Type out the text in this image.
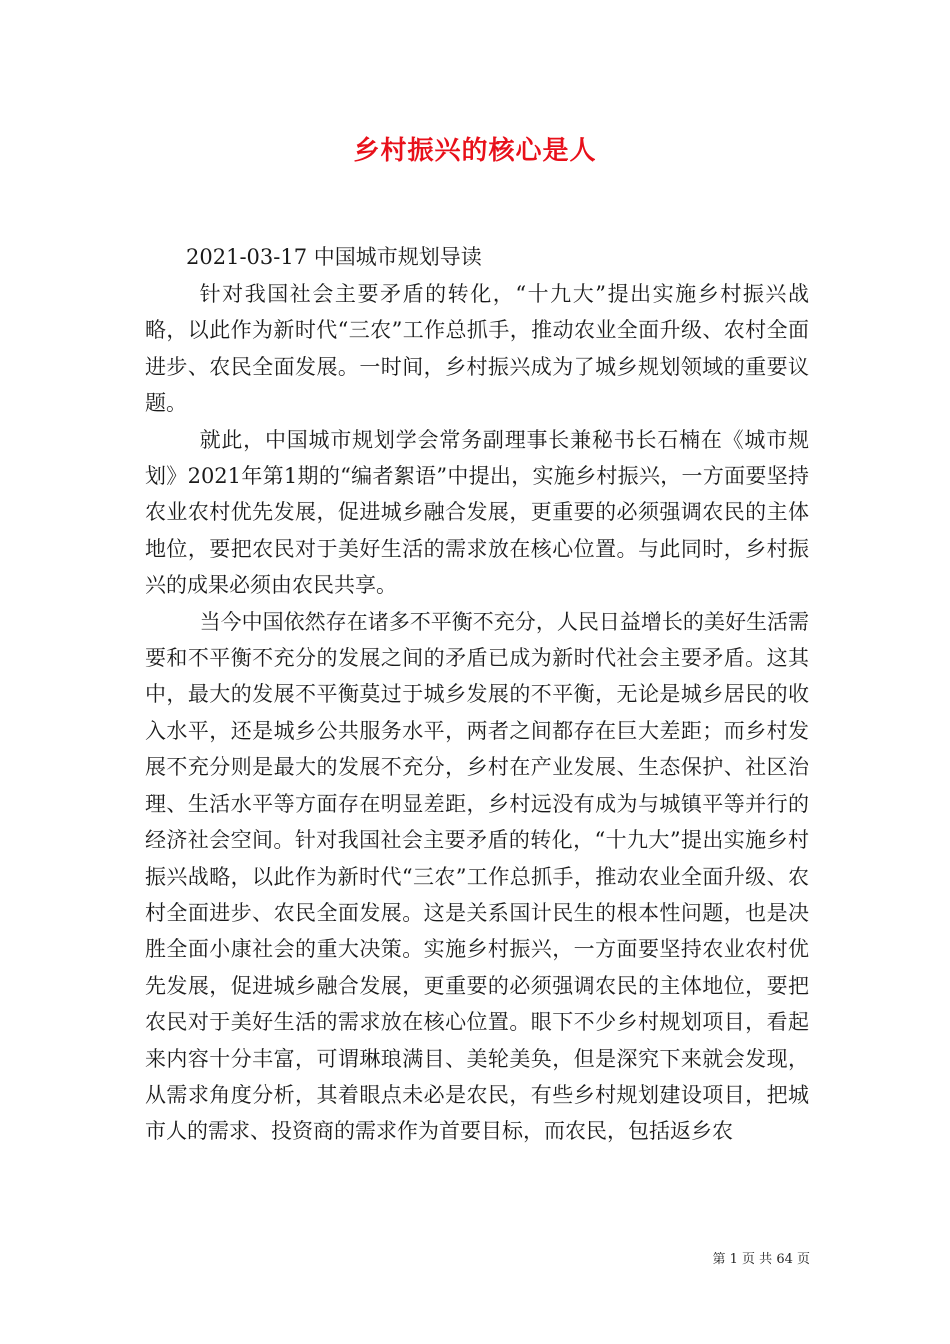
乡村振兴的核心是人
2021-03-17 中国城市规划导读

针对我国社会主要矛盾的转化，“十九大”提出实施乡村振兴战略，以此作为新时代“三农”工作总抓手，推动农业全面升级、农村全面进步、农民全面发展。一时间，乡村振兴成为了城乡规划领域的重要议题。

就此，中国城市规划学会常务副理事长兼秘书长石楠在《城市规划》2021年第1期的“编者絮语”中提出，实施乡村振兴，一方面要坚持农业农村优先发展，促进城乡融合发展，更重要的必须强调农民的主体地位，要把农民对于美好生活的需求放在核心位置。与此同时，乡村振兴的成果必须由农民共享。

当今中国依然存在诸多不平衡不充分，人民日益增长的美好生活需要和不平衡不充分的发展之间的矛盾已成为新时代社会主要矛盾。这其中，最大的发展不平衡莫过于城乡发展的不平衡，无论是城乡居民的收入水平，还是城乡公共服务水平，两者之间都存在巨大差距；而乡村发展不充分则是最大的发展不充分，乡村在产业发展、生态保护、社区治理、生活水平等方面存在明显差距，乡村远没有成为与城镇平等并行的经济社会空间。针对我国社会主要矛盾的转化，“十九大”提出实施乡村振兴战略，以此作为新时代“三农”工作总抓手，推动农业全面升级、农村全面进步、农民全面发展。这是关系国计民生的根本性问题，也是决胜全面小康社会的重大决策。实施乡村振兴，一方面要坚持农业农村优先发展，促进城乡融合发展，更重要的必须强调农民的主体地位，要把农民对于美好生活的需求放在核心位置。眼下不少乡村规划项目，看起来内容十分丰富，可谓琳琅满目、美轮美奂，但是深究下来就会发现，从需求角度分析，其着眼点未必是农民，有些乡村规划建设项目，把城市人的需求、投资商的需求作为首要目标，而农民，包括返乡农

第 1 页 共 64 页
